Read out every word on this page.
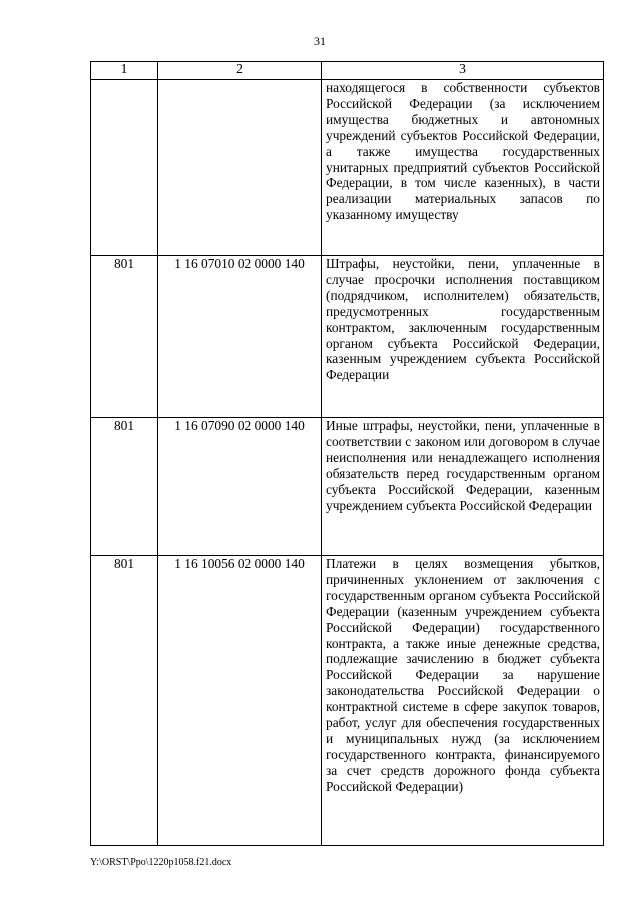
31
1	2	3
		находящегося в собственности субъектов Российской Федерации (за исключением имущества бюджетных и автономных учреждений субъектов Российской Федерации, а также имущества государственных унитарных предприятий субъектов Российской Федерации, в том числе казенных), в части реализации материальных запасов по указанному имуществу
801	1 16 07010 02 0000 140	Штрафы, неустойки, пени, уплаченные в случае просрочки исполнения поставщиком (подрядчиком, исполнителем) обязательств, предусмотренных государственным контрактом, заключенным государственным органом субъекта Российской Федерации, казенным учреждением субъекта Российской Федерации
801	1 16 07090 02 0000 140	Иные штрафы, неустойки, пени, уплаченные в соответствии с законом или договором в случае неисполнения или ненадлежащего исполнения обязательств перед государственным органом субъекта Российской Федерации, казенным учреждением субъекта Российской Федерации
801	1 16 10056 02 0000 140	Платежи в целях возмещения убытков, причиненных уклонением от заключения с государственным органом субъекта Российской Федерации (казенным учреждением субъекта Российской Федерации) государственного контракта, а также иные денежные средства, подлежащие зачислению в бюджет субъекта Российской Федерации за нарушение законодательства Российской Федерации о контрактной системе в сфере закупок товаров, работ, услуг для обеспечения государственных и муниципальных нужд (за исключением государственного контракта, финансируемого за счет средств дорожного фонда субъекта Российской Федерации)
Y:\ORST\Ppo\1220p1058.f21.docx
